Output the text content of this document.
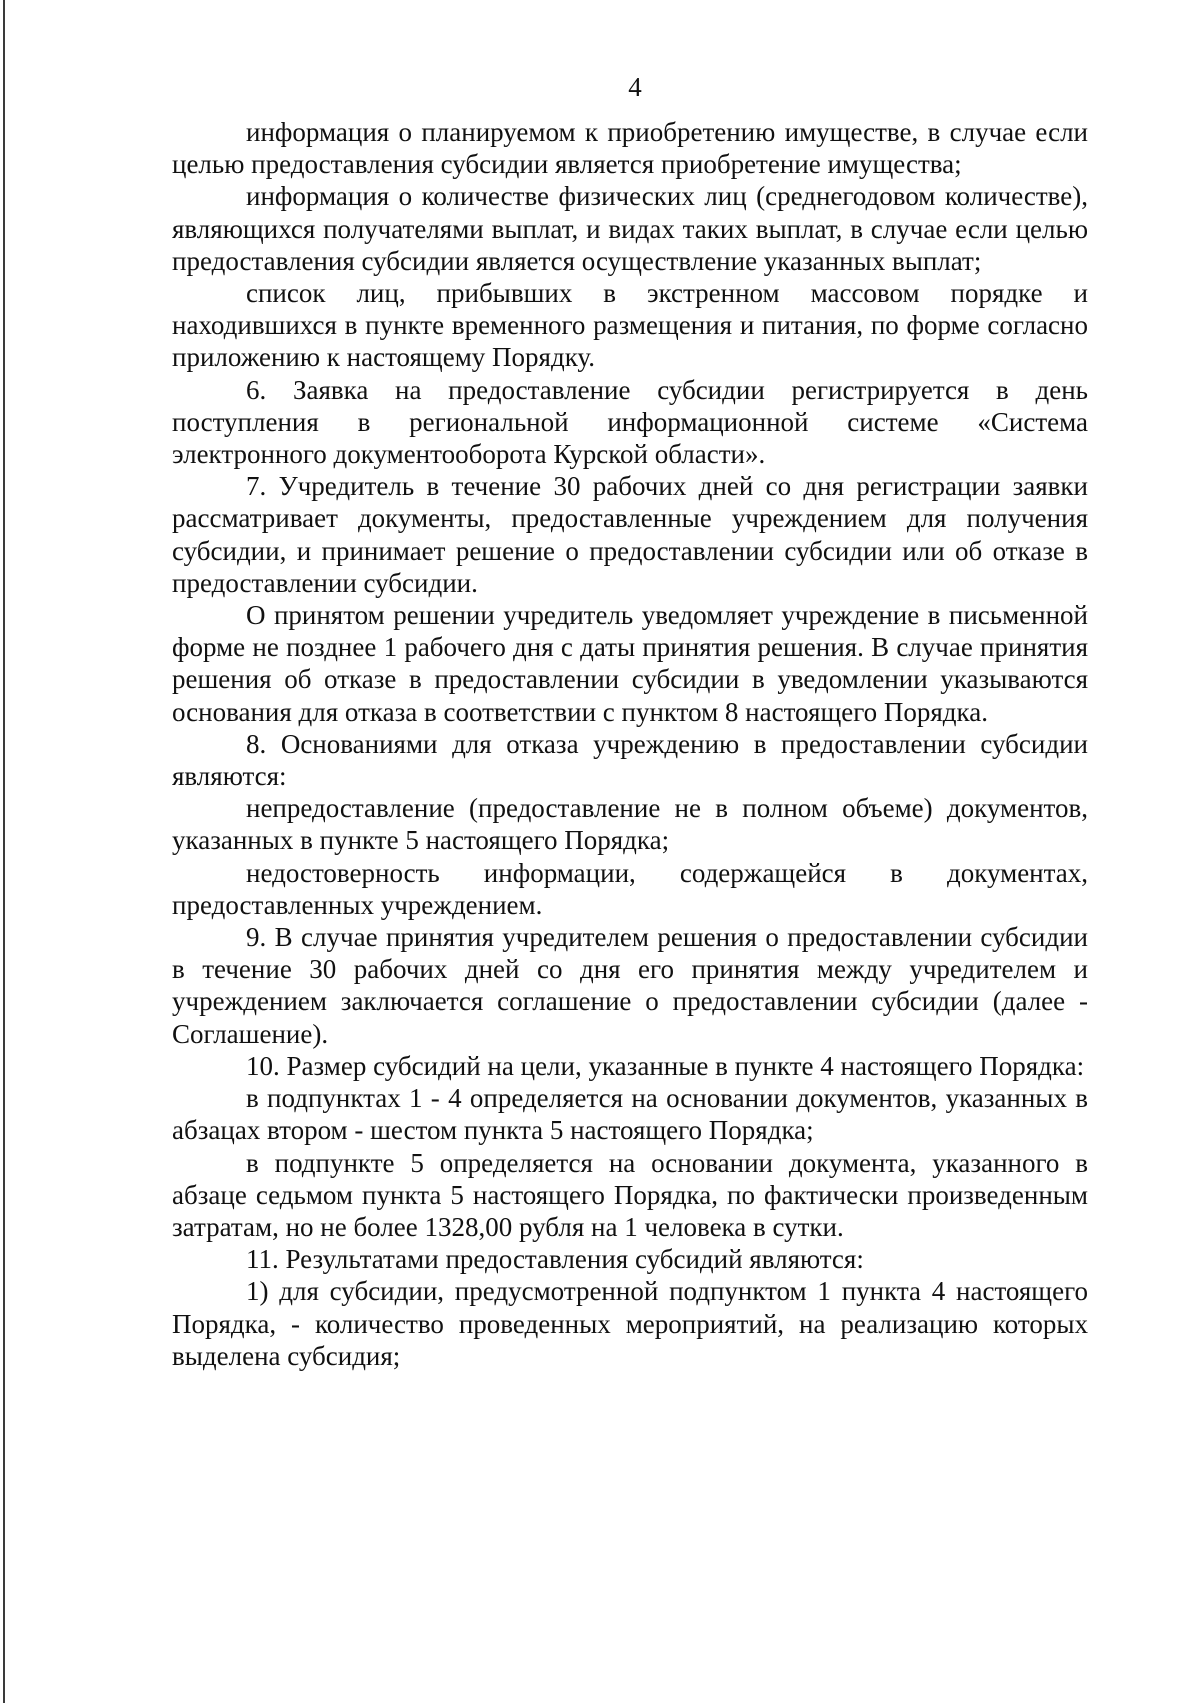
4

информация о планируемом к приобретению имуществе, в случае если целью предоставления субсидии является приобретение имущества;

информация о количестве физических лиц (среднегодовом количестве), являющихся получателями выплат, и видах таких выплат, в случае если целью предоставления субсидии является осуществление указанных выплат;

список лиц, прибывших в экстренном массовом порядке и находившихся в пункте временного размещения и питания, по форме согласно приложению к настоящему Порядку.

6. Заявка на предоставление субсидии регистрируется в день поступления в региональной информационной системе «Система электронного документооборота Курской области».

7. Учредитель в течение 30 рабочих дней со дня регистрации заявки рассматривает документы, предоставленные учреждением для получения субсидии, и принимает решение о предоставлении субсидии или об отказе в предоставлении субсидии.

О принятом решении учредитель уведомляет учреждение в письменной форме не позднее 1 рабочего дня с даты принятия решения. В случае принятия решения об отказе в предоставлении субсидии в уведомлении указываются основания для отказа в соответствии с пунктом 8 настоящего Порядка.

8. Основаниями для отказа учреждению в предоставлении субсидии являются:

непредоставление (предоставление не в полном объеме) документов, указанных в пункте 5 настоящего Порядка;

недостоверность информации, содержащейся в документах, предоставленных учреждением.

9. В случае принятия учредителем решения о предоставлении субсидии в течение 30 рабочих дней со дня его принятия между учредителем и учреждением заключается соглашение о предоставлении субсидии (далее - Соглашение).

10. Размер субсидий на цели, указанные в пункте 4 настоящего Порядка:

в подпунктах 1 - 4 определяется на основании документов, указанных в абзацах втором - шестом пункта 5 настоящего Порядка;

в подпункте 5 определяется на основании документа, указанного в абзаце седьмом пункта 5 настоящего Порядка, по фактически произведенным затратам, но не более 1328,00 рубля на 1 человека в сутки.

11. Результатами предоставления субсидий являются:

1) для субсидии, предусмотренной подпунктом 1 пункта 4 настоящего Порядка, - количество проведенных мероприятий, на реализацию которых выделена субсидия;
